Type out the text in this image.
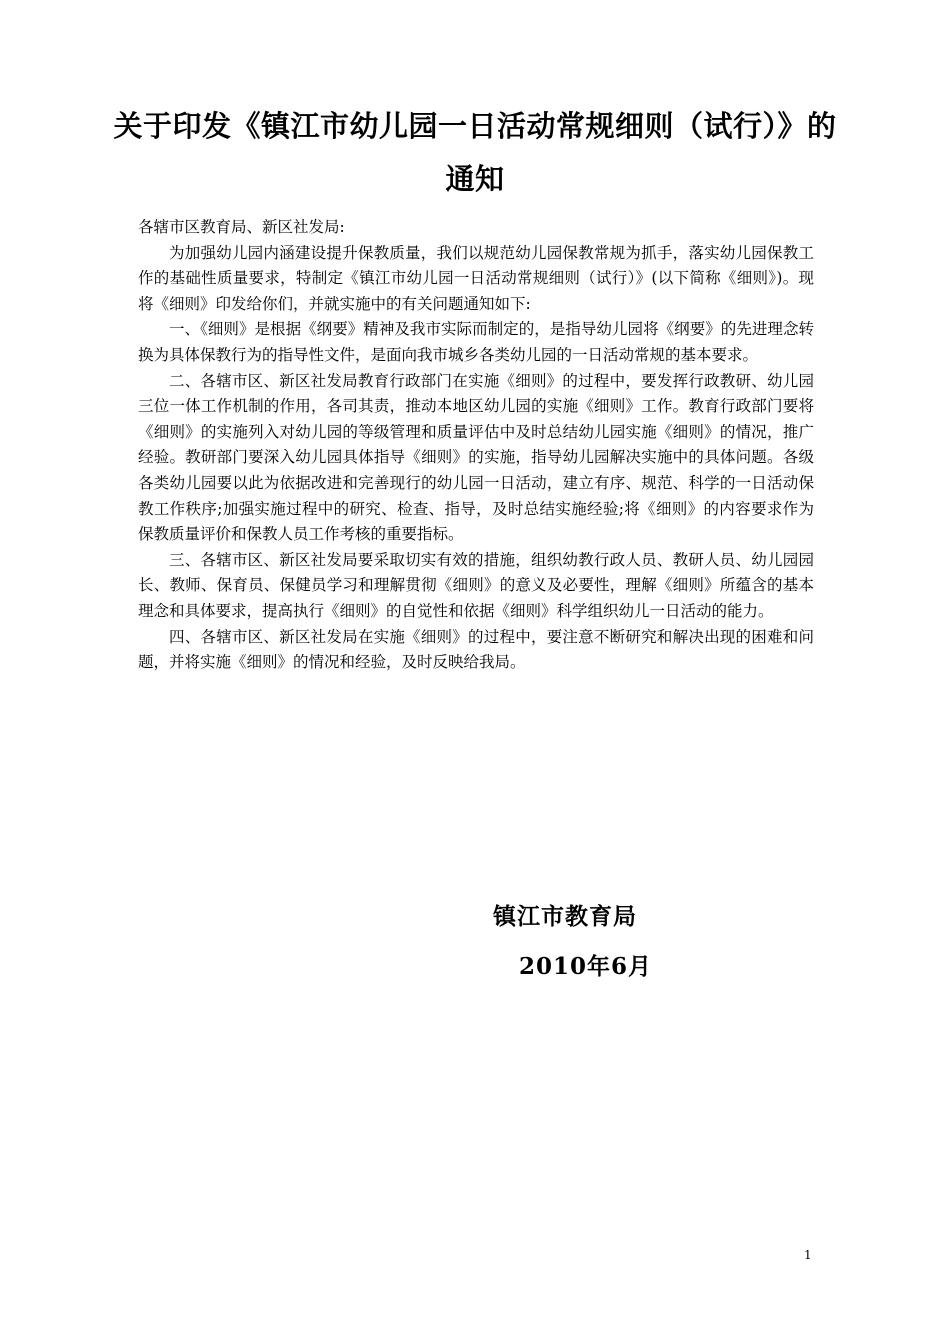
关于印发《镇江市幼儿园一日活动常规细则（试行）》的
通知

各辖市区教育局、新区社发局:

为加强幼儿园内涵建设提升保教质量，我们以规范幼儿园保教常规为抓手，落实幼儿园保教工作的基础性质量要求，特制定《镇江市幼儿园一日活动常规细则（试行）》(以下简称《细则》)。现将《细则》印发给你们，并就实施中的有关问题通知如下:

一、《细则》是根据《纲要》精神及我市实际而制定的，是指导幼儿园将《纲要》的先进理念转换为具体保教行为的指导性文件，是面向我市城乡各类幼儿园的一日活动常规的基本要求。

二、各辖市区、新区社发局教育行政部门在实施《细则》的过程中，要发挥行政教研、幼儿园三位一体工作机制的作用，各司其责，推动本地区幼儿园的实施《细则》工作。教育行政部门要将《细则》的实施列入对幼儿园的等级管理和质量评估中及时总结幼儿园实施《细则》的情况，推广经验。教研部门要深入幼儿园具体指导《细则》的实施，指导幼儿园解决实施中的具体问题。各级各类幼儿园要以此为依据改进和完善现行的幼儿园一日活动，建立有序、规范、科学的一日活动保教工作秩序;加强实施过程中的研究、检查、指导，及时总结实施经验;将《细则》的内容要求作为保教质量评价和保教人员工作考核的重要指标。

三、各辖市区、新区社发局要采取切实有效的措施，组织幼教行政人员、教研人员、幼儿园园长、教师、保育员、保健员学习和理解贯彻《细则》的意义及必要性，理解《细则》所蕴含的基本理念和具体要求，提高执行《细则》的自觉性和依据《细则》科学组织幼儿一日活动的能力。

四、各辖市区、新区社发局在实施《细则》的过程中，要注意不断研究和解决出现的困难和问题，并将实施《细则》的情况和经验，及时反映给我局。

镇江市教育局
2010年6月
1
